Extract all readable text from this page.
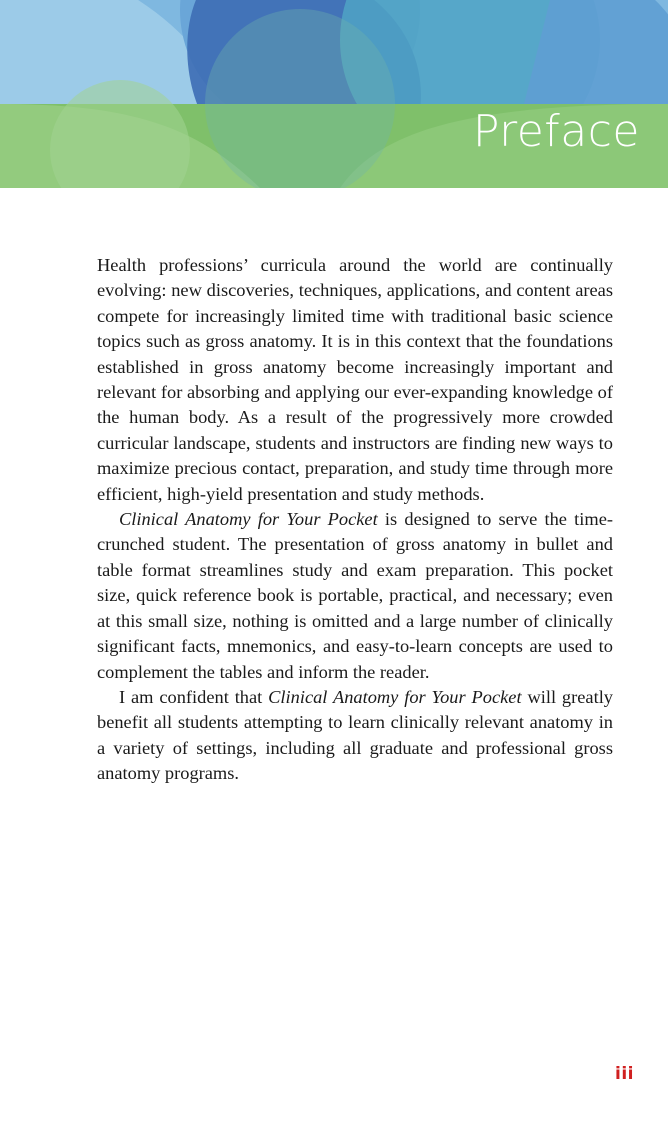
Preface

Health professions’ curricula around the world are continually evolving: new discoveries, techniques, applications, and content areas compete for increasingly limited time with traditional basic science topics such as gross anatomy. It is in this context that the foundations established in gross anatomy become increasingly important and relevant for absorbing and applying our ever-expanding knowledge of the human body. As a result of the progressively more crowded curricular landscape, students and instructors are finding new ways to maximize precious contact, preparation, and study time through more efficient, high-yield presentation and study methods.

Clinical Anatomy for Your Pocket is designed to serve the time-crunched student. The presentation of gross anatomy in bullet and table format streamlines study and exam preparation. This pocket size, quick reference book is portable, practical, and necessary; even at this small size, nothing is omitted and a large number of clinically significant facts, mnemonics, and easy-to-learn concepts are used to complement the tables and inform the reader.

I am confident that Clinical Anatomy for Your Pocket will greatly benefit all students attempting to learn clinically relevant anatomy in a variety of settings, including all graduate and professional gross anatomy programs.

iii
